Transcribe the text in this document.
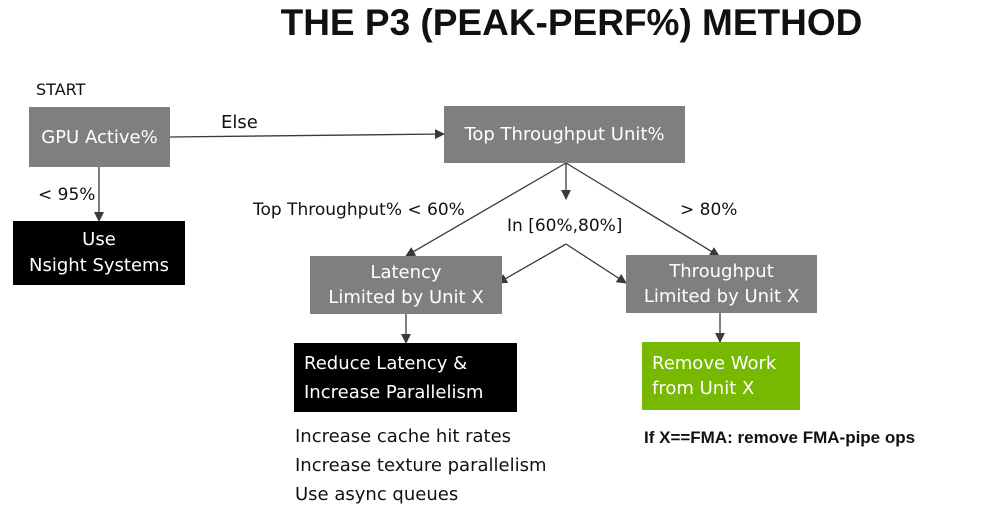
THE P3 (PEAK-PERF%) METHOD
START
GPU Active%
Else
Top Throughput Unit%
< 95%
Use
Nsight Systems
Top Throughput% < 60%
In [60%,80%]
> 80%
Latency
Limited by Unit X
Throughput
Limited by Unit X
Reduce Latency &
Increase Parallelism
Remove Work
from Unit X
Increase cache hit rates
Increase texture parallelism
Use async queues
If X==FMA: remove FMA-pipe ops
